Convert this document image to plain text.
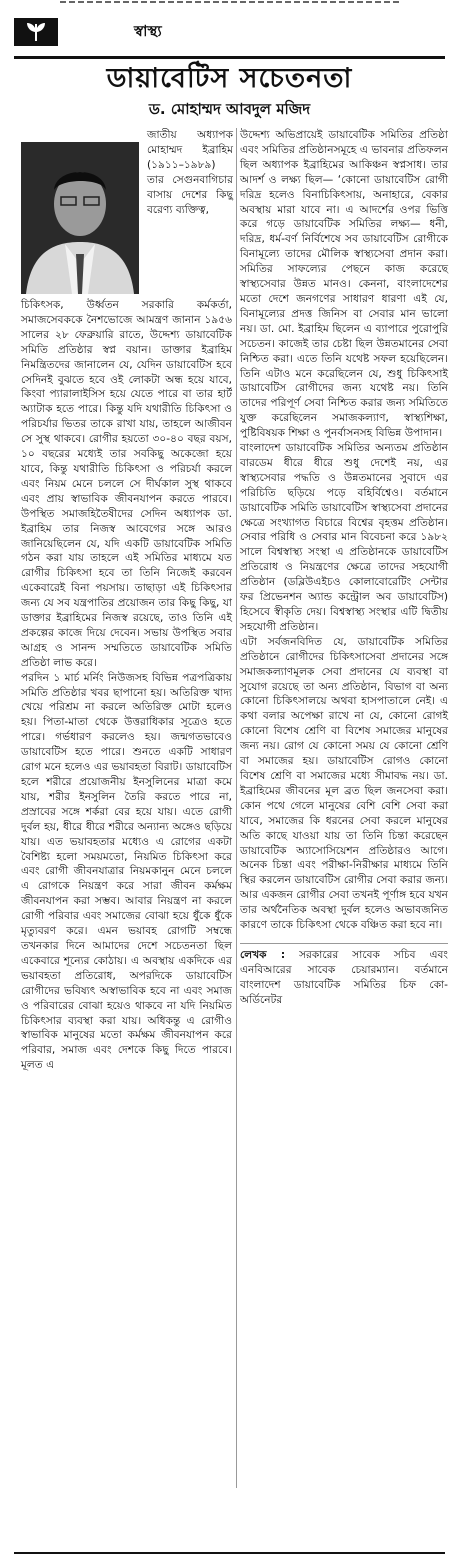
স্বাস্থ্য
ডায়াবেটিস সচেতনতা
ড. মোহাম্মদ আবদুল মজিদ
জাতীয় অধ্যাপক মোহাম্মদ ইব্রাহিম (১৯১১–১৯৮৯) তার সেগুনবাগিচার বাসায় দেশের কিছু বরেণ্য ব্যক্তিত্ব,

চিকিৎসক, উর্ধ্বতন সরকারি কর্মকর্তা, সমাজসেবককে নৈশভোজে আমন্ত্রণ জানান ১৯৫৬ সালের ২৮ ফেব্রুয়ারি রাতে, উদ্দেশ্য ডায়াবেটিক সমিতি প্রতিষ্ঠার স্বপ্ন বয়ান। ডাক্তার ইব্রাহিম নিমন্ত্রিতদের জানালেন যে, যেদিন ডায়াবেটিস হবে সেদিনই বুঝতে হবে ওই লোকটা অন্ধ হয়ে যাবে, কিংবা প্যারালাইসিস হয়ে যেতে পারে বা তার হার্ট অ্যাটাক হতে পারে। কিন্তু যদি যথারীতি চিকিৎসা ও পরিচর্যার ভিতর তাকে রাখা যায়, তাহলে আজীবন সে সুস্থ থাকবে। রোগীর হয়তো ৩০-৪০ বছর বয়স, ১০ বছরের মধ্যেই তার সবকিছু অকেজো হয়ে যাবে, কিন্তু যথারীতি চিকিৎসা ও পরিচর্যা করলে এবং নিয়ম মেনে চললে সে দীর্ঘকাল সুস্থ থাকবে এবং প্রায় স্বাভাবিক জীবনযাপন করতে পারবে। উপস্থিত সমাজহিতৈষীদের সেদিন অধ্যাপক ডা. ইব্রাহিম তার নিজস্ব আবেগের সঙ্গে আরও জানিয়েছিলেন যে, যদি একটি ডায়াবেটিক সমিতি গঠন করা যায় তাহলে এই সমিতির মাধ্যমে যত রোগীর চিকিৎসা হবে তা তিনি নিজেই করবেন একেবারেই বিনা পয়সায়। তাছাড়া এই চিকিৎসার জন্য যে সব যন্ত্রপাতির প্রয়োজন তার কিছু কিছু, যা ডাক্তার ইব্রাহিমের নিজস্ব রয়েছে, তাও তিনি এই প্রকল্পের কাজে দিয়ে দেবেন। সভায় উপস্থিত সবার আগ্রহ ও সানন্দ সম্মতিতে ডায়াবেটিক সমিতি প্রতিষ্ঠা লাভ করে।

পরদিন ১ মার্চ মর্নিং নিউজসহ বিভিন্ন পত্রপত্রিকায় সমিতি প্রতিষ্ঠার খবর ছাপানো হয়। অতিরিক্ত খাদ্য খেয়ে পরিশ্রম না করলে অতিরিক্ত মোটা হলেও হয়। পিতা-মাতা থেকে উত্তরাধিকার সূত্রেও হতে পারে। গর্ভধারণ করলেও হয়। জন্মগতভাবেও ডায়াবেটিস হতে পারে। শুনতে একটি সাধারণ রোগ মনে হলেও এর ভয়াবহতা বিরাট। ডায়াবেটিস হলে শরীরে প্রয়োজনীয় ইনসুলিনের মাত্রা কমে যায়, শরীর ইনসুলিন তৈরি করতে পারে না, প্রস্রাবের সঙ্গে শর্করা বের হয়ে যায়। এতে রোগী দুর্বল হয়, ধীরে ধীরে শরীরে অন্যান্য অঙ্গেও ছড়িয়ে যায়। এত ভয়াবহতার মধ্যেও এ রোগের একটা বৈশিষ্ট্য হলো সময়মতো, নিয়মিত চিকিৎসা করে এবং রোগী জীবনযাত্রার নিয়মকানুন মেনে চললে এ রোগকে নিয়ন্ত্রণ করে সারা জীবন কর্মক্ষম জীবনযাপন করা সম্ভব। আবার নিয়ন্ত্রণ না করলে রোগী পরিবার এবং সমাজের বোঝা হয়ে ধুঁকে ধুঁকে মৃত্যুবরণ করে। এমন ভয়াবহ রোগটি সম্বন্ধে তখনকার দিনে আমাদের দেশে সচেতনতা ছিল একেবারে শূন্যের কোঠায়। এ অবস্থায় একদিকে এর ভয়াবহতা প্রতিরোধ, অপরদিকে ডায়াবেটিস রোগীদের ভবিষ্যৎ অস্বাভাবিক হবে না এবং সমাজ ও পরিবারের বোঝা হয়েও থাকবে না যদি নিয়মিত চিকিৎসার ব্যবস্থা করা যায়। অধিকন্তু এ রোগীও স্বাভাবিক মানুষের মতো কর্মক্ষম জীবনযাপন করে পরিবার, সমাজ এবং দেশকে কিছু দিতে পারবে। মূলত এ

উদ্দেশ্য অভিপ্রায়েই ডায়াবেটিক সমিতির প্রতিষ্ঠা এবং সমিতির প্রতিষ্ঠানসমূহে এ ভাবনার প্রতিফলন ছিল অধ্যাপক ইব্রাহিমের আকিঞ্চন স্বপ্নসাধ। তার আদর্শ ও লক্ষ্য ছিল— ‘কোনো ডায়াবেটিস রোগী দরিদ্র হলেও বিনাচিকিৎসায়, অনাহারে, বেকার অবস্থায় মারা যাবে না। এ আদর্শের ওপর ভিত্তি করে গড়ে ডায়াবেটিক সমিতির লক্ষ্য— ধনী, দরিদ্র, ধর্ম-বর্ণ নির্বিশেষে সব ডায়াবেটিস রোগীকে বিনামূল্যে তাদের মৌলিক স্বাস্থ্যসেবা প্রদান করা। সমিতির সাফল্যের পেছনে কাজ করেছে স্বাস্থ্যসেবার উন্নত মানও। কেননা, বাংলাদেশের মতো দেশে জনগণের সাধারণ ধারণা এই যে, বিনামূল্যের প্রদত্ত জিনিস বা সেবার মান ভালো নয়। ডা. মো. ইব্রাহিম ছিলেন এ ব্যাপারে পুরোপুরি সচেতন। কাজেই তার চেষ্টা ছিল উন্নতমানের সেবা নিশ্চিত করা। এতে তিনি যথেষ্ট সফল হয়েছিলেন। তিনি এটাও মনে করেছিলেন যে, শুধু চিকিৎসাই ডায়াবেটিস রোগীদের জন্য যথেষ্ট নয়। তিনি তাদের পরিপূর্ণ সেবা নিশ্চিত করার জন্য সমিতিতে যুক্ত করেছিলেন সমাজকল্যাণ, স্বাস্থ্যশিক্ষা, পুষ্টিবিষয়ক শিক্ষা ও পুনর্বাসনসহ বিভিন্ন উপাদান।

বাংলাদেশ ডায়াবেটিক সমিতির অন্যতম প্রতিষ্ঠান বারডেম ধীরে ধীরে শুধু দেশেই নয়, এর স্বাস্থ্যসেবার পদ্ধতি ও উন্নতমানের সুবাদে এর পরিচিতি ছড়িয়ে পড়ে বহির্বিশ্বেও। বর্তমানে ডায়াবেটিক সমিতি ডায়াবেটিস স্বাস্থ্যসেবা প্রদানের ক্ষেত্রে সংখ্যাগত বিচারে বিশ্বের বৃহত্তম প্রতিষ্ঠান। সেবার পরিধি ও সেবার মান বিবেচনা করে ১৯৮২ সালে বিশ্বস্বাস্থ্য সংস্থা এ প্রতিষ্ঠানকে ডায়াবেটিস প্রতিরোধ ও নিয়ন্ত্রণের ক্ষেত্রে তাদের সহযোগী প্রতিষ্ঠান (ডব্লিউএইচও কোলাবোরেটিং সেন্টার ফর প্রিভেনশন অ্যান্ড কন্ট্রোল অব ডায়াবেটিস) হিসেবে স্বীকৃতি দেয়। বিশ্বস্বাস্থ্য সংস্থার এটি দ্বিতীয় সহযোগী প্রতিষ্ঠান।

এটা সর্বজনবিদিত যে, ডায়াবেটিক সমিতির প্রতিষ্ঠানে রোগীদের চিকিৎসাসেবা প্রদানের সঙ্গে সমাজকল্যাণমূলক সেবা প্রদানের যে ব্যবস্থা বা সুযোগ রয়েছে তা অন্য প্রতিষ্ঠান, বিভাগ বা অন্য কোনো চিকিৎসালয়ে অথবা হাসপাতালে নেই। এ কথা বলার অপেক্ষা রাখে না যে, কোনো রোগই কোনো বিশেষ শ্রেণি বা বিশেষ সমাজের মানুষের জন্য নয়। রোগ যে কোনো সময় যে কোনো শ্রেণি বা সমাজের হয়। ডায়াবেটিস রোগও কোনো বিশেষ শ্রেণি বা সমাজের মধ্যে সীমাবদ্ধ নয়। ডা. ইব্রাহিমের জীবনের মূল ব্রত ছিল জনসেবা করা। কোন পথে গেলে মানুষের বেশি বেশি সেবা করা যাবে, সমাজের কি ধরনের সেবা করলে মানুষের অতি কাছে যাওয়া যায় তা তিনি চিন্তা করেছেন ডায়াবেটিক অ্যাসোসিয়েশন প্রতিষ্ঠারও আগে। অনেক চিন্তা এবং পরীক্ষা-নিরীক্ষার মাধ্যমে তিনি স্থির করলেন ডায়াবেটিস রোগীর সেবা করার জন্য। আর একজন রোগীর সেবা তখনই পূর্ণাঙ্গ হবে যখন তার অর্থনৈতিক অবস্থা দুর্বল হলেও অভাবজনিত কারণে তাকে চিকিৎসা থেকে বঞ্চিত করা হবে না।

লেখক : সরকারের সাবেক সচিব এবং এনবিআরের সাবেক চেয়ারম্যান। বর্তমানে বাংলাদেশ ডায়াবেটিক সমিতির চিফ কো-অর্ডিনেটর
